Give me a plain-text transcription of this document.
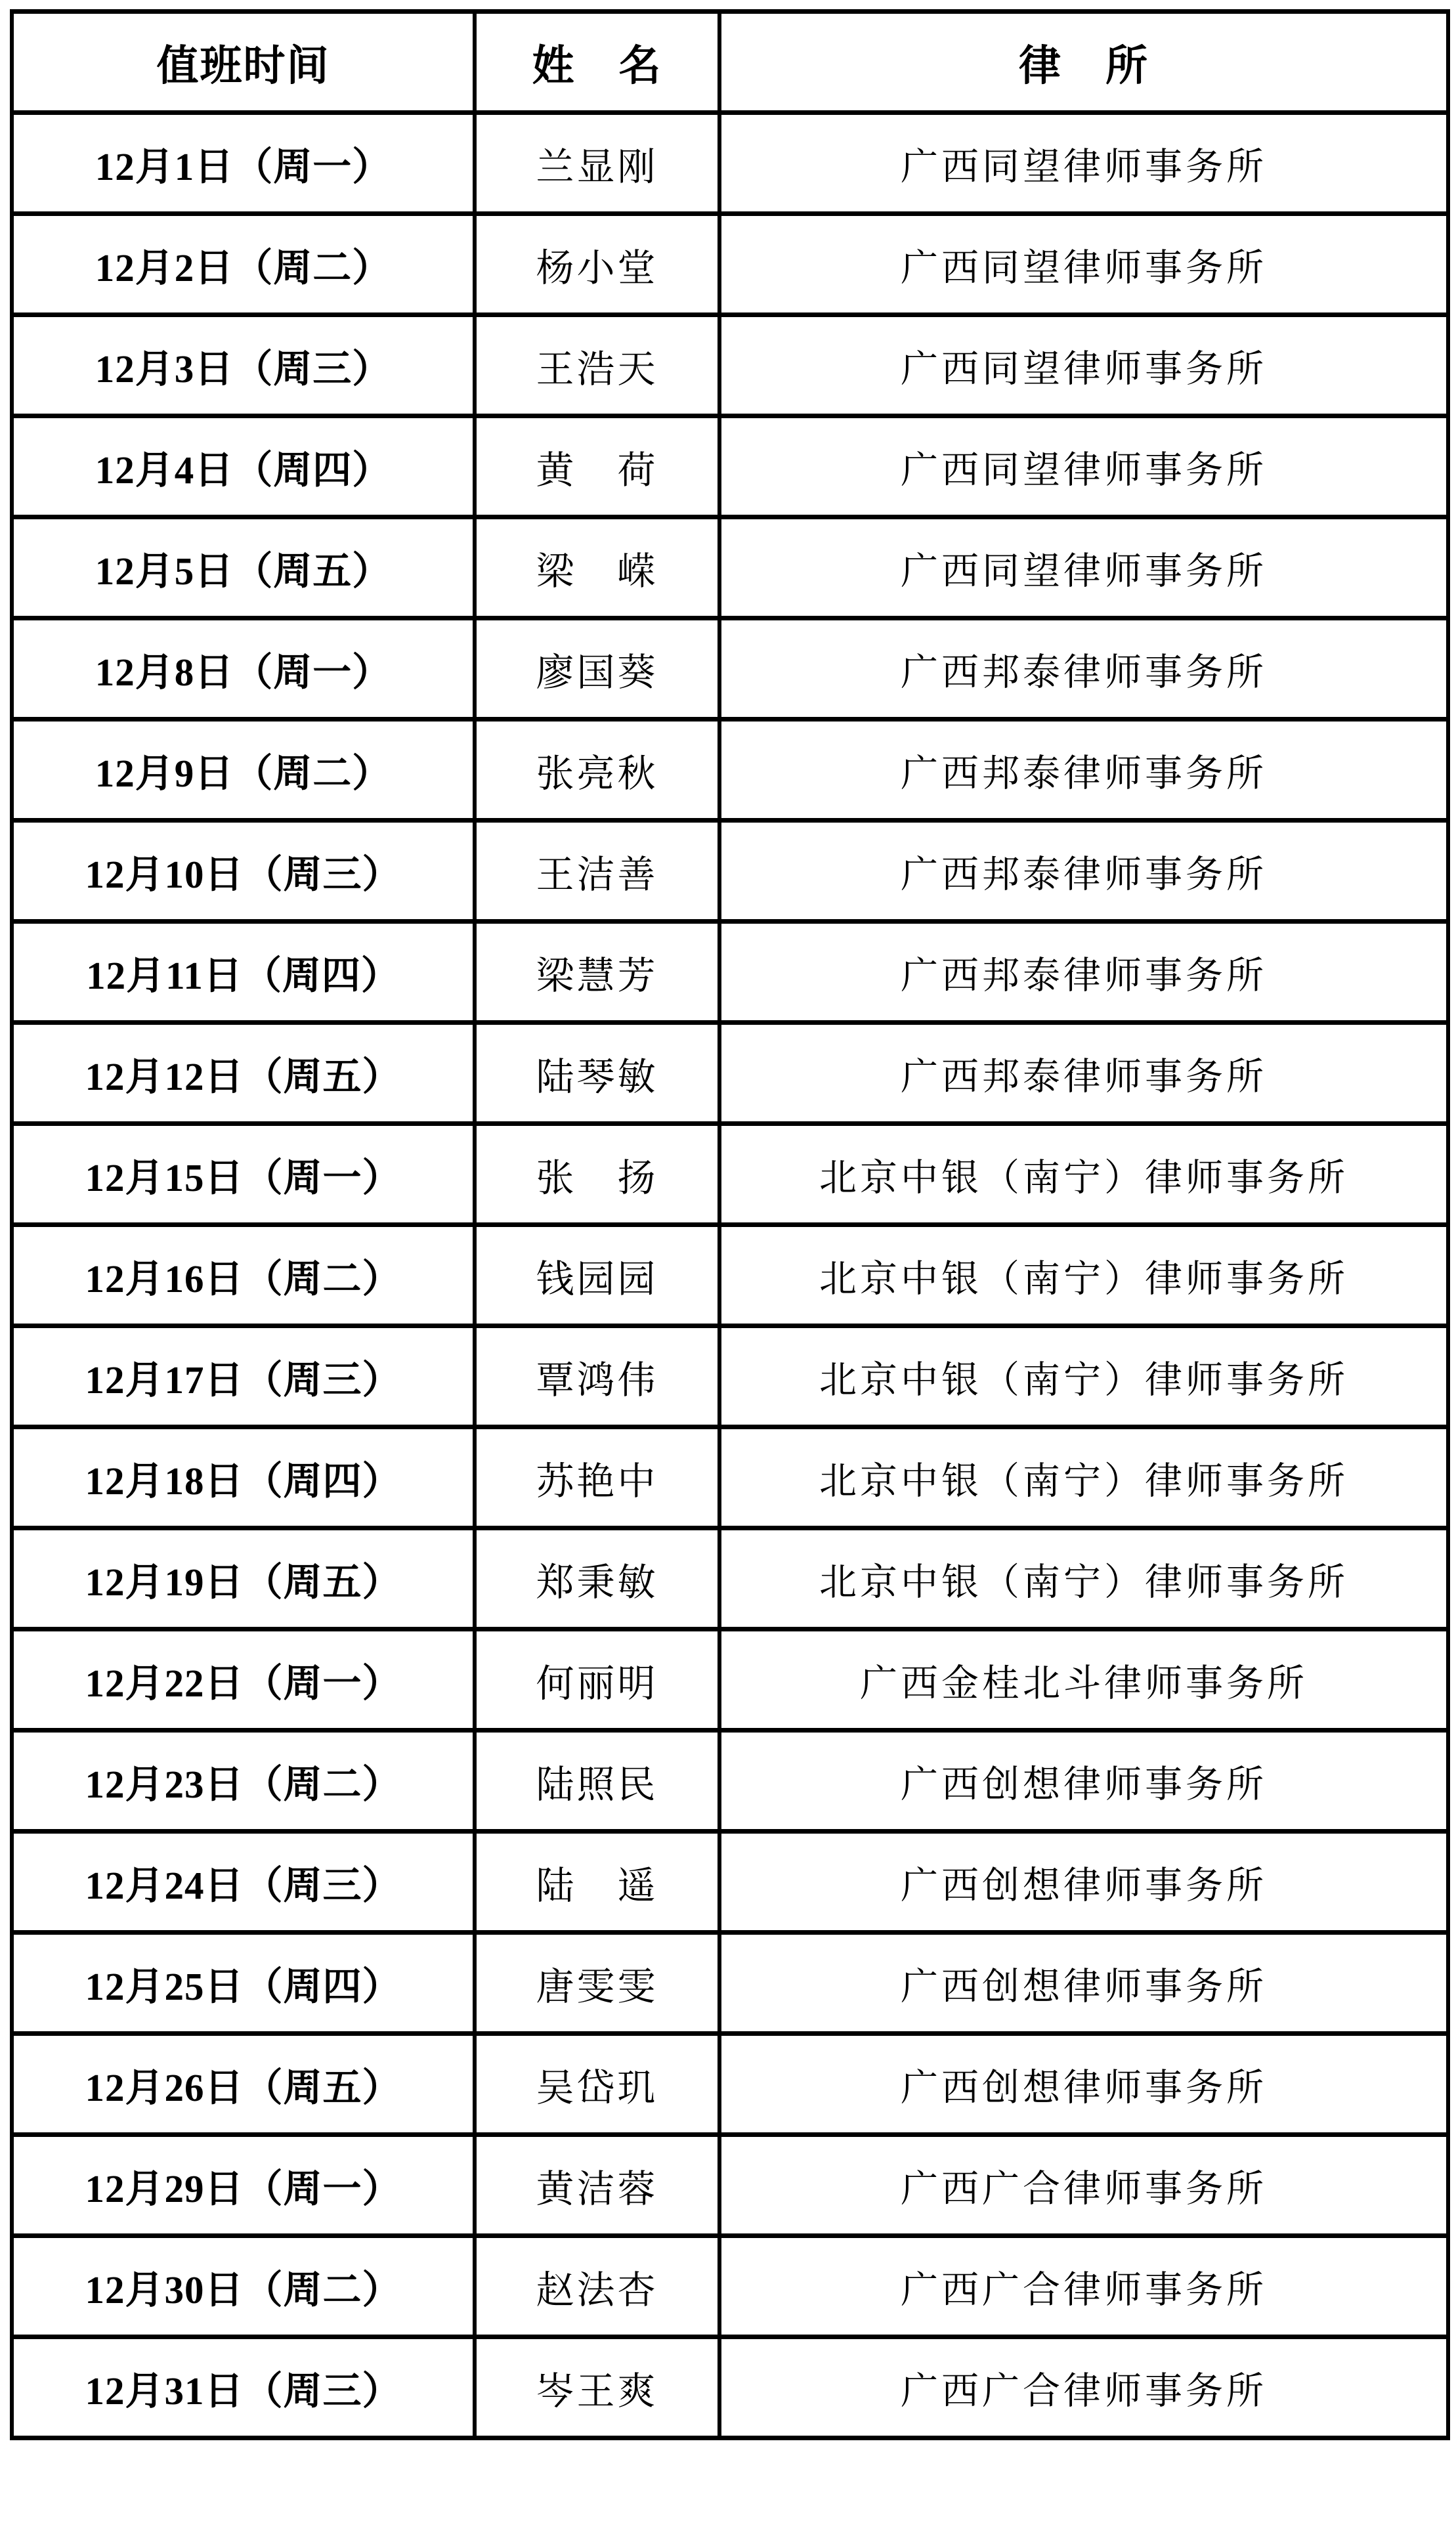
值班时间	姓　名	律　所
12月1日（周一）	兰显刚	广西同望律师事务所
12月2日（周二）	杨小堂	广西同望律师事务所
12月3日（周三）	王浩天	广西同望律师事务所
12月4日（周四）	黄　荷	广西同望律师事务所
12月5日（周五）	梁　嵘	广西同望律师事务所
12月8日（周一）	廖国葵	广西邦泰律师事务所
12月9日（周二）	张亮秋	广西邦泰律师事务所
12月10日（周三）	王洁善	广西邦泰律师事务所
12月11日（周四）	梁慧芳	广西邦泰律师事务所
12月12日（周五）	陆琴敏	广西邦泰律师事务所
12月15日（周一）	张　扬	北京中银（南宁）律师事务所
12月16日（周二）	钱园园	北京中银（南宁）律师事务所
12月17日（周三）	覃鸿伟	北京中银（南宁）律师事务所
12月18日（周四）	苏艳中	北京中银（南宁）律师事务所
12月19日（周五）	郑秉敏	北京中银（南宁）律师事务所
12月22日（周一）	何丽明	广西金桂北斗律师事务所
12月23日（周二）	陆照民	广西创想律师事务所
12月24日（周三）	陆　遥	广西创想律师事务所
12月25日（周四）	唐雯雯	广西创想律师事务所
12月26日（周五）	吴岱玑	广西创想律师事务所
12月29日（周一）	黄洁蓉	广西广合律师事务所
12月30日（周二）	赵法杏	广西广合律师事务所
12月31日（周三）	岑王爽	广西广合律师事务所
